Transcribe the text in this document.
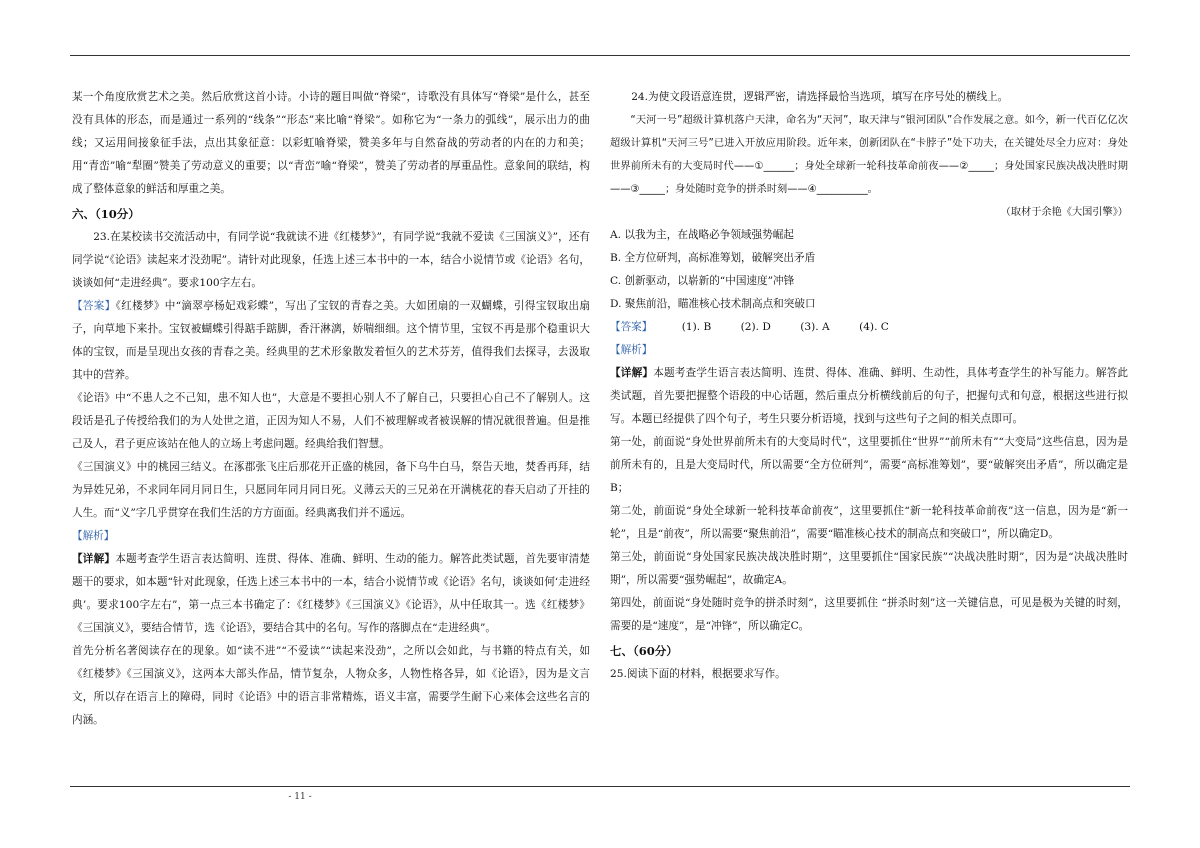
某一个角度欣赏艺术之美。然后欣赏这首小诗。小诗的题目叫做“脊梁”，诗歌没有具体写“脊梁”是什么，甚至没有具体的形态，而是通过一系列的“线条”“形态”来比喻“脊梁”。如称它为“一条力的弧线”，展示出力的曲线；又运用间接象征手法，点出其象征意：以彩虹喻脊梁，赞美多年与自然奋战的劳动者的内在的力和美；用“青峦”喻“犁圈”赞美了劳动意义的重要；以“青峦”喻“脊梁”，赞美了劳动者的厚重品性。意象间的联结，构成了整体意象的鲜活和厚重之美。

六、（10分）

23.在某校读书交流活动中，有同学说“我就读不进《红楼梦》”，有同学说“我就不爱读《三国演义》”，还有同学说“《论语》读起来才没劲呢”。请针对此现象，任选上述三本书中的一本，结合小说情节或《论语》名句，谈谈如何“走进经典”。要求100字左右。

【答案】《红楼梦》中“滴翠亭杨妃戏彩蝶”，写出了宝钗的青春之美。大如团扇的一双蝴蝶，引得宝钗取出扇子，向草地下来扑。宝钗被蝴蝶引得踮手踮脚，香汗淋漓，娇喘细细。这个情节里，宝钗不再是那个稳重识大体的宝钗，而是呈现出女孩的青春之美。经典里的艺术形象散发着恒久的艺术芬芳，值得我们去探寻，去汲取其中的营养。

《论语》中“不患人之不己知，患不知人也”，大意是不要担心别人不了解自己，只要担心自己不了解别人。这段话是孔子传授给我们的为人处世之道，正因为知人不易，人们不被理解或者被误解的情况就很普遍。但是推己及人，君子更应该站在他人的立场上考虑问题。经典给我们智慧。

《三国演义》中的桃园三结义。在涿郡张飞庄后那花开正盛的桃园，备下乌牛白马，祭告天地，焚香再拜，结为异姓兄弟，不求同年同月同日生，只愿同年同月同日死。义薄云天的三兄弟在开满桃花的春天启动了开挂的人生。而“义”字几乎贯穿在我们生活的方方面面。经典离我们并不遥远。

【解析】

【详解】本题考查学生语言表达简明、连贯、得体、准确、鲜明、生动的能力。解答此类试题，首先要审清楚题干的要求，如本题“针对此现象，任选上述三本书中的一本，结合小说情节或《论语》名句，谈谈如何‘走进经典’。要求100字左右”，第一点三本书确定了：《红楼梦》《三国演义》《论语》，从中任取其一。选《红楼梦》《三国演义》，要结合情节，选《论语》，要结合其中的名句。写作的落脚点在“走进经典”。

首先分析名著阅读存在的现象。如“读不进”“不爱读”“读起来没劲”，之所以会如此，与书籍的特点有关，如《红楼梦》《三国演义》，这两本大部头作品，情节复杂，人物众多，人物性格各异，如《论语》，因为是文言文，所以存在语言上的障碍，同时《论语》中的语言非常精炼，语义丰富，需要学生耐下心来体会这些名言的内涵。

24.为使文段语意连贯，逻辑严密，请选择最恰当选项，填写在序号处的横线上。

“天河一号”超级计算机落户天津，命名为“天河”，取天津与“银河团队”合作发展之意。如今，新一代百亿亿次超级计算机“天河三号”已进入开放应用阶段。近年来，创新团队在“卡脖子”处下功夫，在关键处尽全力应对：身处世界前所未有的大变局时代——①______；身处全球新一轮科技革命前夜——②_____；身处国家民族决战决胜时期——③_____；身处随时竞争的拼杀时刻——④__________。

（取材于余艳《大国引擎》）

A. 以我为主，在战略必争领域强势崛起

B. 全方位研判，高标准筹划，破解突出矛盾

C. 创新驱动，以崭新的“中国速度”冲锋

D. 聚焦前沿，瞄准核心技术制高点和突破口

【答案】	(1). B	(2). D	(3). A	(4). C

【解析】

【详解】本题考查学生语言表达简明、连贯、得体、准确、鲜明、生动性，具体考查学生的补写能力。解答此类试题，首先要把握整个语段的中心话题，然后重点分析横线前后的句子，把握句式和句意，根据这些进行拟写。本题已经提供了四个句子，考生只要分析语境，找到与这些句子之间的相关点即可。

第一处，前面说“身处世界前所未有的大变局时代”，这里要抓住“世界”“前所未有”“大变局”这些信息，因为是前所未有的，且是大变局时代，所以需要“全方位研判”，需要“高标准筹划”，要“破解突出矛盾”，所以确定是B；

第二处，前面说“身处全球新一轮科技革命前夜”，这里要抓住“新一轮科技革命前夜”这一信息，因为是“新一轮”，且是“前夜”，所以需要“聚焦前沿”，需要“瞄准核心技术的制高点和突破口”，所以确定D。

第三处，前面说“身处国家民族决战决胜时期”，这里要抓住“国家民族”“决战决胜时期”，因为是“决战决胜时期”，所以需要“强势崛起”，故确定A。

第四处，前面说“身处随时竞争的拼杀时刻”，这里要抓住 “拼杀时刻”这一关键信息，可见是极为关键的时刻，需要的是“速度”，是“冲锋”，所以确定C。

七、（60分）

25.阅读下面的材料，根据要求写作。

- 11 -
